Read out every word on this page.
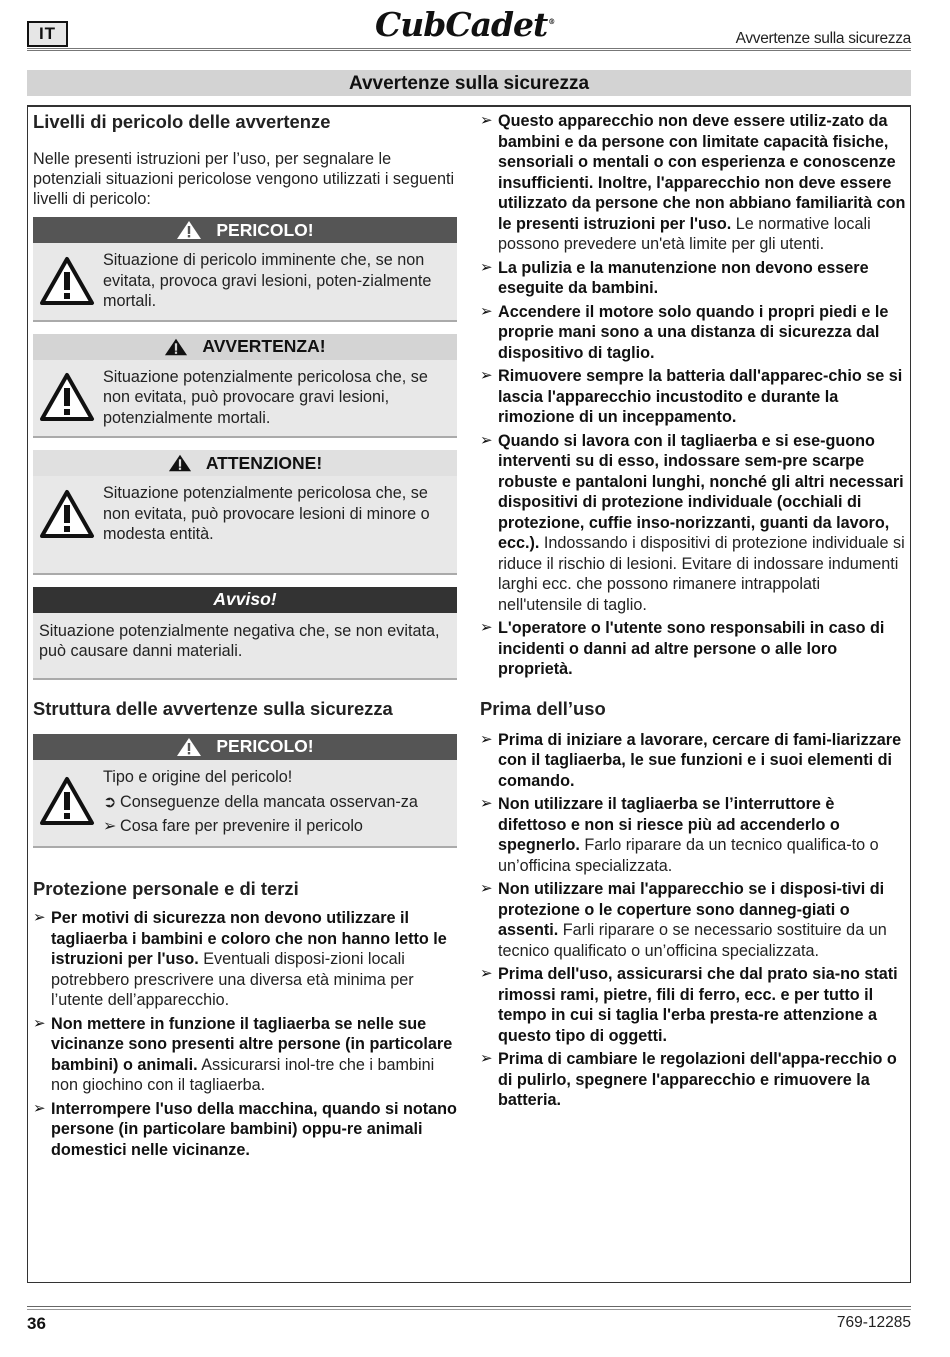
IT	CubCadet®
Avvertenze sulla sicurezza
Avvertenze sulla sicurezza
Livelli di pericolo delle avvertenze

Nelle presenti istruzioni per l’uso, per segnalare le potenziali situazioni pericolose vengono utilizzati i seguenti livelli di pericolo:

PERICOLO!
Situazione di pericolo imminente che, se non evitata, provoca gravi lesioni, poten-zialmente mortali.
AVVERTENZA!
Situazione potenzialmente pericolosa che, se non evitata, può provocare gravi lesioni, potenzialmente mortali.
ATTENZIONE!
Situazione potenzialmente pericolosa che, se non evitata, può provocare lesioni di minore o modesta entità.
Avviso!
Situazione potenzialmente negativa che, se non evitata, può causare danni materiali.
Struttura delle avvertenze sulla sicurezza
PERICOLO!
Tipo e origine del pericolo!
➲ Conseguenze della mancata osservan-za
➢ Cosa fare per prevenire il pericolo
Protezione personale e di terzi
➢ Per motivi di sicurezza non devono utilizzare il tagliaerba i bambini e coloro che non hanno letto le istruzioni per l'uso. Eventuali disposi-zioni locali potrebbero prescrivere una diversa età minima per l’utente dell’apparecchio.
➢ Non mettere in funzione il tagliaerba se nelle sue vicinanze sono presenti altre persone (in particolare bambini) o animali. Assicurarsi inol-tre che i bambini non giochino con il tagliaerba.
➢ Interrompere l'uso della macchina, quando si notano persone (in particolare bambini) oppu-re animali domestici nelle vicinanze.
➢ Questo apparecchio non deve essere utiliz-zato da bambini e da persone con limitate capacità fisiche, sensoriali o mentali o con esperienza e conoscenze insufficienti. Inoltre, l'apparecchio non deve essere utilizzato da persone che non abbiano familiarità con le presenti istruzioni per l'uso. Le normative locali possono prevedere un'età limite per gli utenti.
➢ La pulizia e la manutenzione non devono essere eseguite da bambini.
➢ Accendere il motore solo quando i propri piedi e le proprie mani sono a una distanza di sicurezza dal dispositivo di taglio.
➢ Rimuovere sempre la batteria dall'apparec-chio se si lascia l'apparecchio incustodito e durante la rimozione di un inceppamento.
➢ Quando si lavora con il tagliaerba e si ese-guono interventi su di esso, indossare sem-pre scarpe robuste e pantaloni lunghi, nonché gli altri necessari dispositivi di protezione individuale (occhiali di protezione, cuffie inso-norizzanti, guanti da lavoro, ecc.). Indossando i dispositivi di protezione individuale si riduce il rischio di lesioni. Evitare di indossare indumenti larghi ecc. che possono rimanere intrappolati nell'utensile di taglio.
➢ L'operatore o l'utente sono responsabili in caso di incidenti o danni ad altre persone o alle loro proprietà.
Prima dell’uso
➢ Prima di iniziare a lavorare, cercare di fami-liarizzare con il tagliaerba, le sue funzioni e i suoi elementi di comando.
➢ Non utilizzare il tagliaerba se l’interruttore è difettoso e non si riesce più ad accenderlo o spegnerlo. Farlo riparare da un tecnico qualifica-to o un’officina specializzata.
➢ Non utilizzare mai l'apparecchio se i disposi-tivi di protezione o le coperture sono danneg-giati o assenti. Farli riparare o se necessario sostituire da un tecnico qualificato o un’officina specializzata.
➢ Prima dell'uso, assicurarsi che dal prato sia-no stati rimossi rami, pietre, fili di ferro, ecc. e per tutto il tempo in cui si taglia l'erba presta-re attenzione a questo tipo di oggetti.
➢ Prima di cambiare le regolazioni dell'appa-recchio o di pulirlo, spegnere l'apparecchio e rimuovere la batteria.
36	769-12285
